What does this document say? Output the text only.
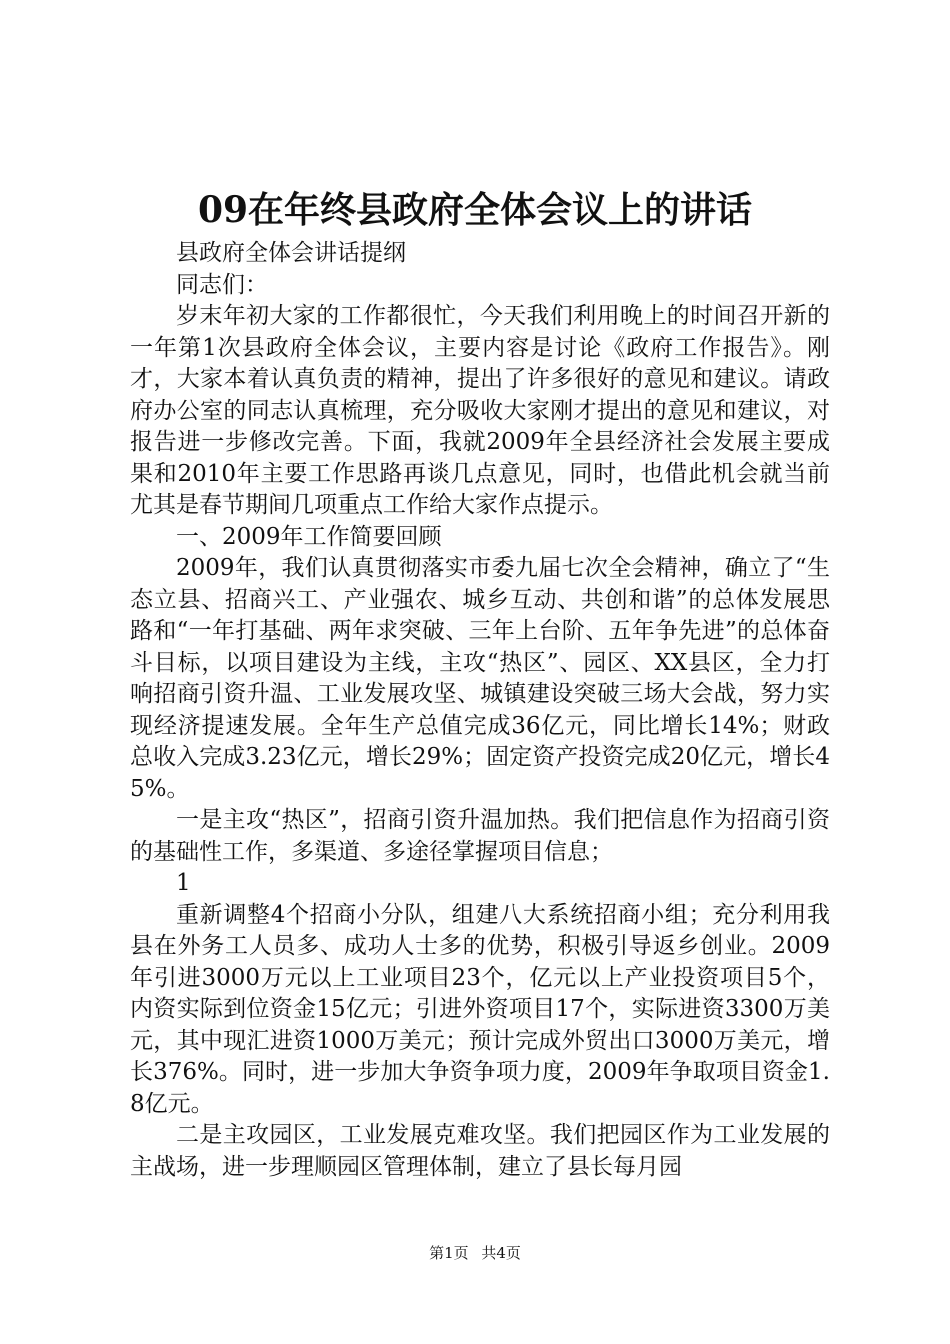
09在年终县政府全体会议上的讲话

县政府全体会讲话提纲

同志们：

岁末年初大家的工作都很忙，今天我们利用晚上的时间召开新的一年第1次县政府全体会议，主要内容是讨论《政府工作报告》。刚才，大家本着认真负责的精神，提出了许多很好的意见和建议。请政府办公室的同志认真梳理，充分吸收大家刚才提出的意见和建议，对报告进一步修改完善。下面，我就2009年全县经济社会发展主要成果和2010年主要工作思路再谈几点意见，同时，也借此机会就当前尤其是春节期间几项重点工作给大家作点提示。

一、2009年工作简要回顾

2009年，我们认真贯彻落实市委九届七次全会精神，确立了“生态立县、招商兴工、产业强农、城乡互动、共创和谐”的总体发展思路和“一年打基础、两年求突破、三年上台阶、五年争先进”的总体奋斗目标，以项目建设为主线，主攻“热区”、园区、XX县区，全力打响招商引资升温、工业发展攻坚、城镇建设突破三场大会战，努力实现经济提速发展。全年生产总值完成36亿元，同比增长14%；财政总收入完成3.23亿元，增长29%；固定资产投资完成20亿元，增长45%。

一是主攻“热区”，招商引资升温加热。我们把信息作为招商引资的基础性工作，多渠道、多途径掌握项目信息；

1

重新调整4个招商小分队，组建八大系统招商小组；充分利用我县在外务工人员多、成功人士多的优势，积极引导返乡创业。2009年引进3000万元以上工业项目23个，亿元以上产业投资项目5个，内资实际到位资金15亿元；引进外资项目17个，实际进资3300万美元，其中现汇进资1000万美元；预计完成外贸出口3000万美元，增长376%。同时，进一步加大争资争项力度，2009年争取项目资金1.8亿元。

二是主攻园区，工业发展克难攻坚。我们把园区作为工业发展的主战场，进一步理顺园区管理体制，建立了县长每月园

第1页 共4页
